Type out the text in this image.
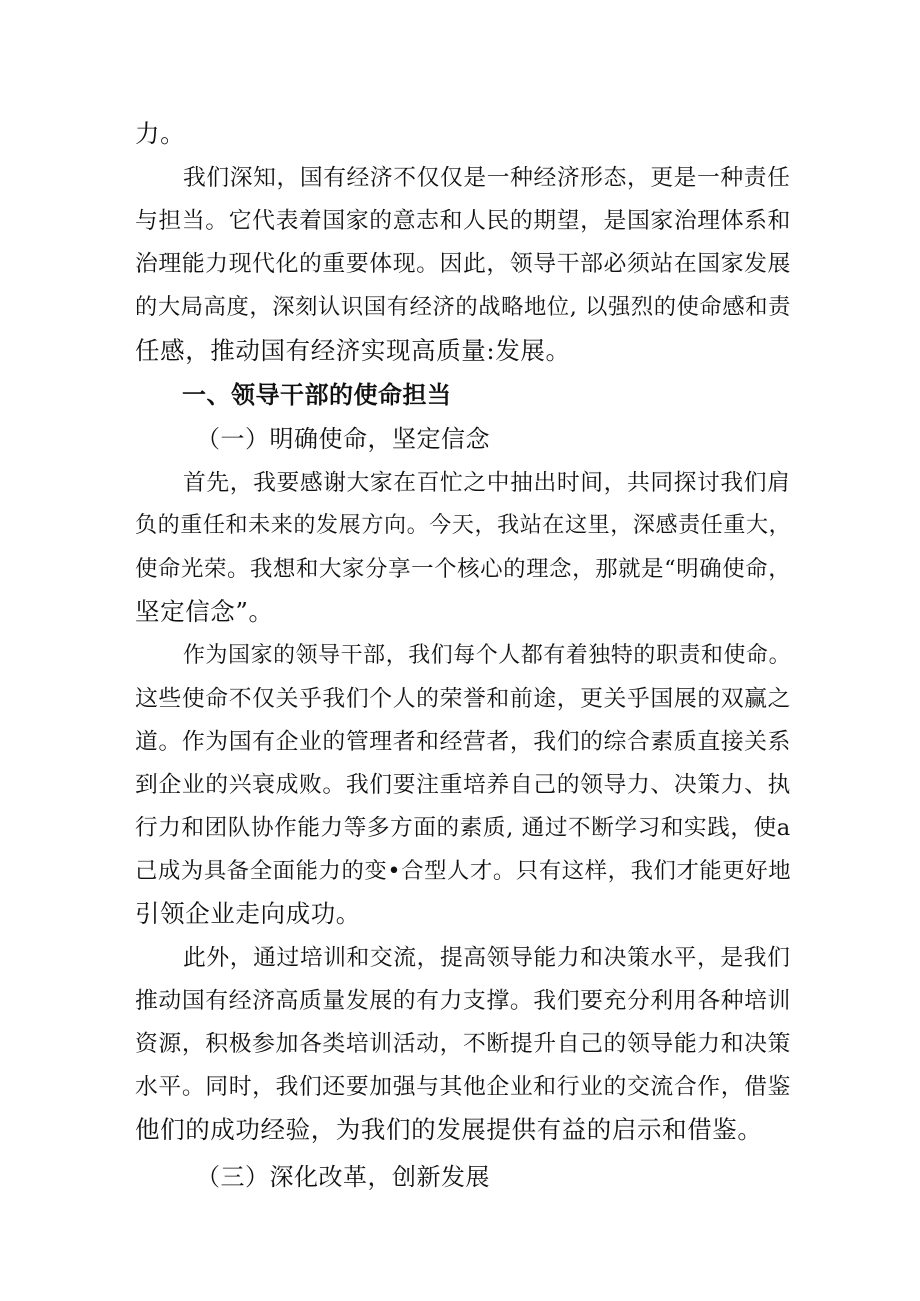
力。
我们深知，国有经济不仅仅是一种经济形态，更是一种责任
与担当。它代表着国家的意志和人民的期望，是国家治理体系和
治理能力现代化的重要体现。因此，领导干部必须站在国家发展
的大局高度，深刻认识国有经济的战略地位, 以强烈的使命感和责
任感，推动国有经济实现高质量:发展。
一、领导干部的使命担当
（一）明确使命，坚定信念
首先，我要感谢大家在百忙之中抽出时间，共同探讨我们肩
负的重任和未来的发展方向。今天，我站在这里，深感责任重大，
使命光荣。我想和大家分享一个核心的理念，那就是“明确使命，
坚定信念”。
作为国家的领导干部，我们每个人都有着独特的职责和使命。
这些使命不仅关乎我们个人的荣誉和前途，更关乎国展的双赢之
道。作为国有企业的管理者和经营者，我们的综合素质直接关系
到企业的兴衰成败。我们要注重培养自己的领导力、决策力、执
行力和团队协作能力等多方面的素质, 通过不断学习和实践，使a
己成为具备全面能力的变•合型人才。只有这样，我们才能更好地
引领企业走向成功。
此外，通过培训和交流，提高领导能力和决策水平，是我们
推动国有经济高质量发展的有力支撑。我们要充分利用各种培训
资源，积极参加各类培训活动，不断提升自己的领导能力和决策
水平。同时，我们还要加强与其他企业和行业的交流合作，借鉴
他们的成功经验，为我们的发展提供有益的启示和借鉴。
（三）深化改革，创新发展
